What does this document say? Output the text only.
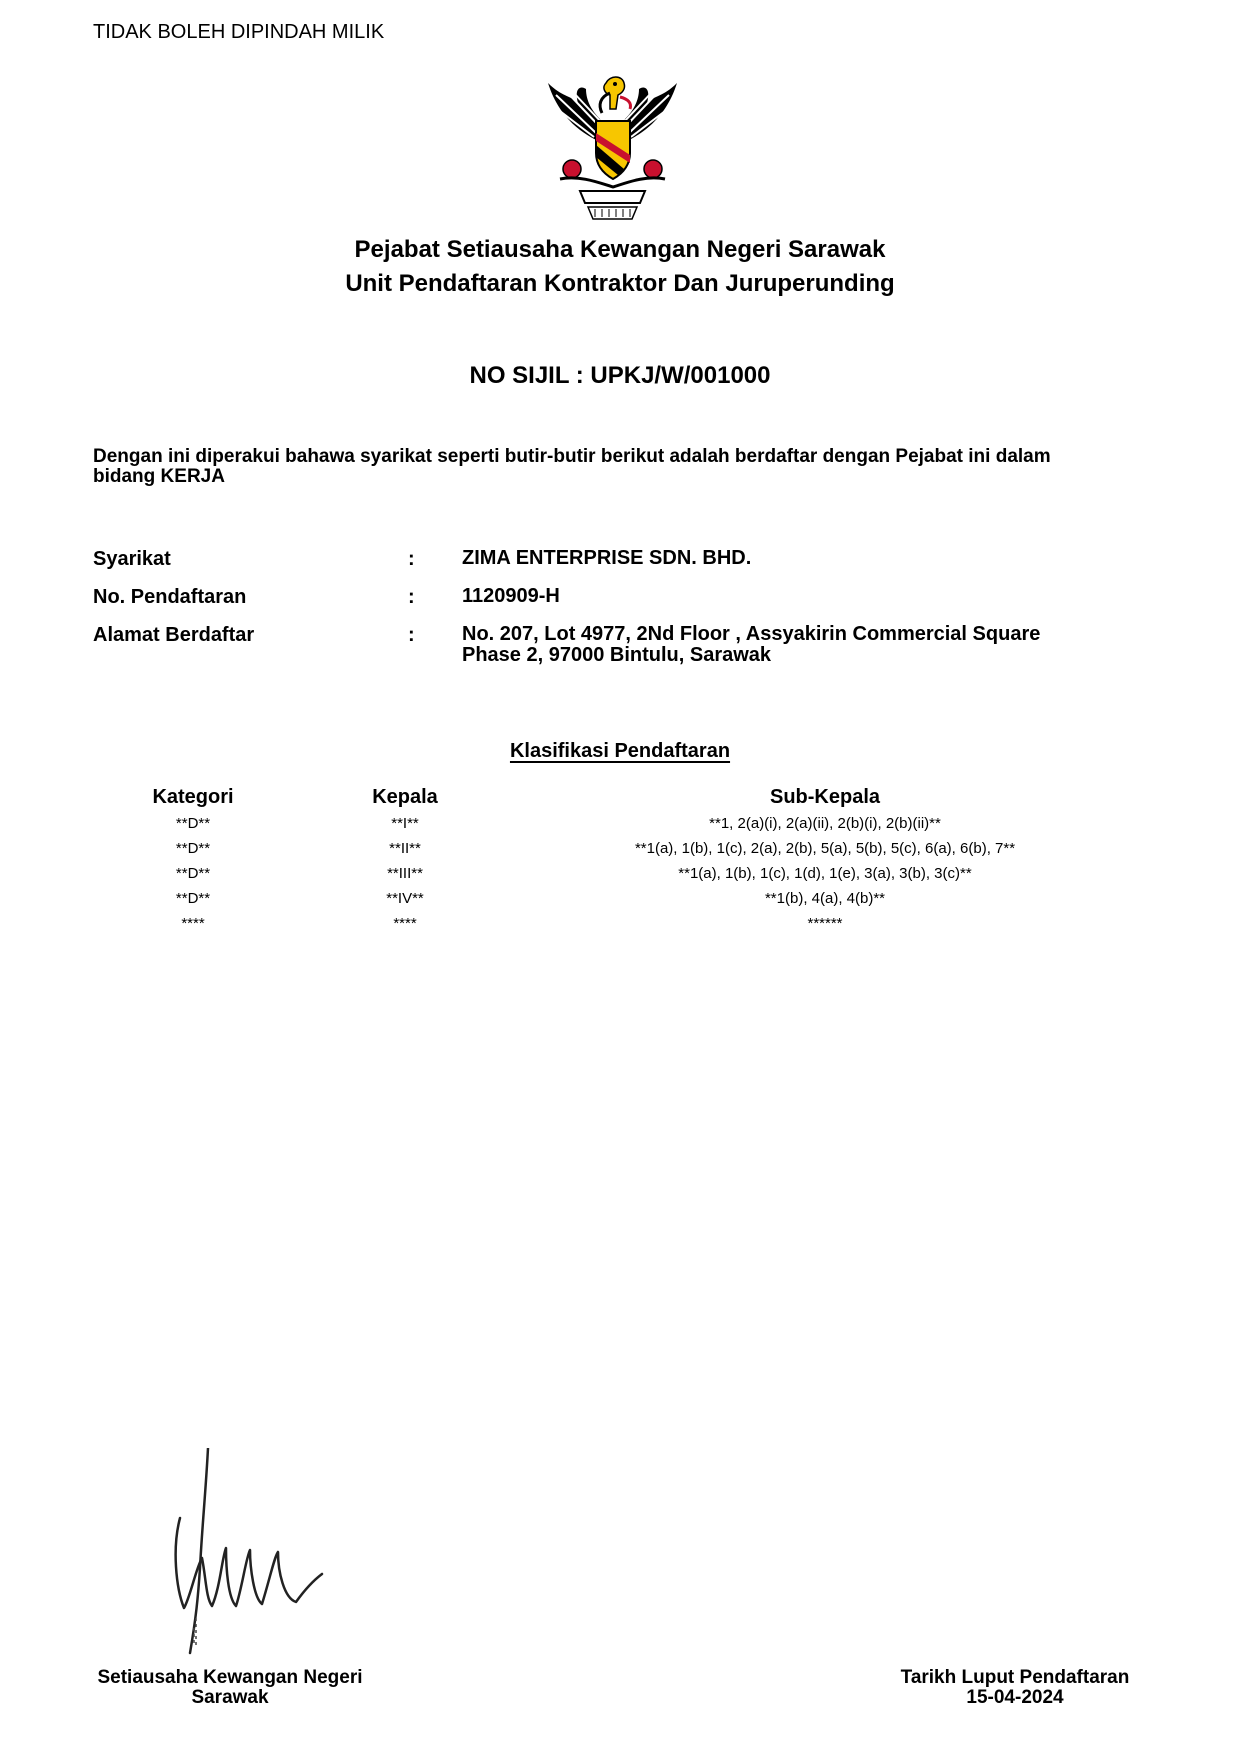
TIDAK BOLEH DIPINDAH MILIK
Pejabat Setiausaha Kewangan Negeri Sarawak
Unit Pendaftaran Kontraktor Dan Juruperunding
NO SIJIL : UPKJ/W/001000
Dengan ini diperakui bahawa syarikat seperti butir-butir berikut adalah berdaftar dengan Pejabat ini dalam bidang KERJA
Syarikat	: ZIMA ENTERPRISE SDN. BHD.
No. Pendaftaran	: 1120909-H
Alamat Berdaftar	: No. 207, Lot 4977, 2Nd Floor , Assyakirin Commercial Square
Phase 2, 97000 Bintulu, Sarawak
Klasifikasi Pendaftaran
Kategori	Kepala	Sub-Kepala
**D**	**I**	**1, 2(a)(i), 2(a)(ii), 2(b)(i), 2(b)(ii)**
**D**	**II**	**1(a), 1(b), 1(c), 2(a), 2(b), 5(a), 5(b), 5(c), 6(a), 6(b), 7**
**D**	**III**	**1(a), 1(b), 1(c), 1(d), 1(e), 3(a), 3(b), 3(c)**
**D**	**IV**	**1(b), 4(a), 4(b)**
****	****	******
Setiausaha Kewangan Negeri
Sarawak
Tarikh Luput Pendaftaran
15-04-2024
